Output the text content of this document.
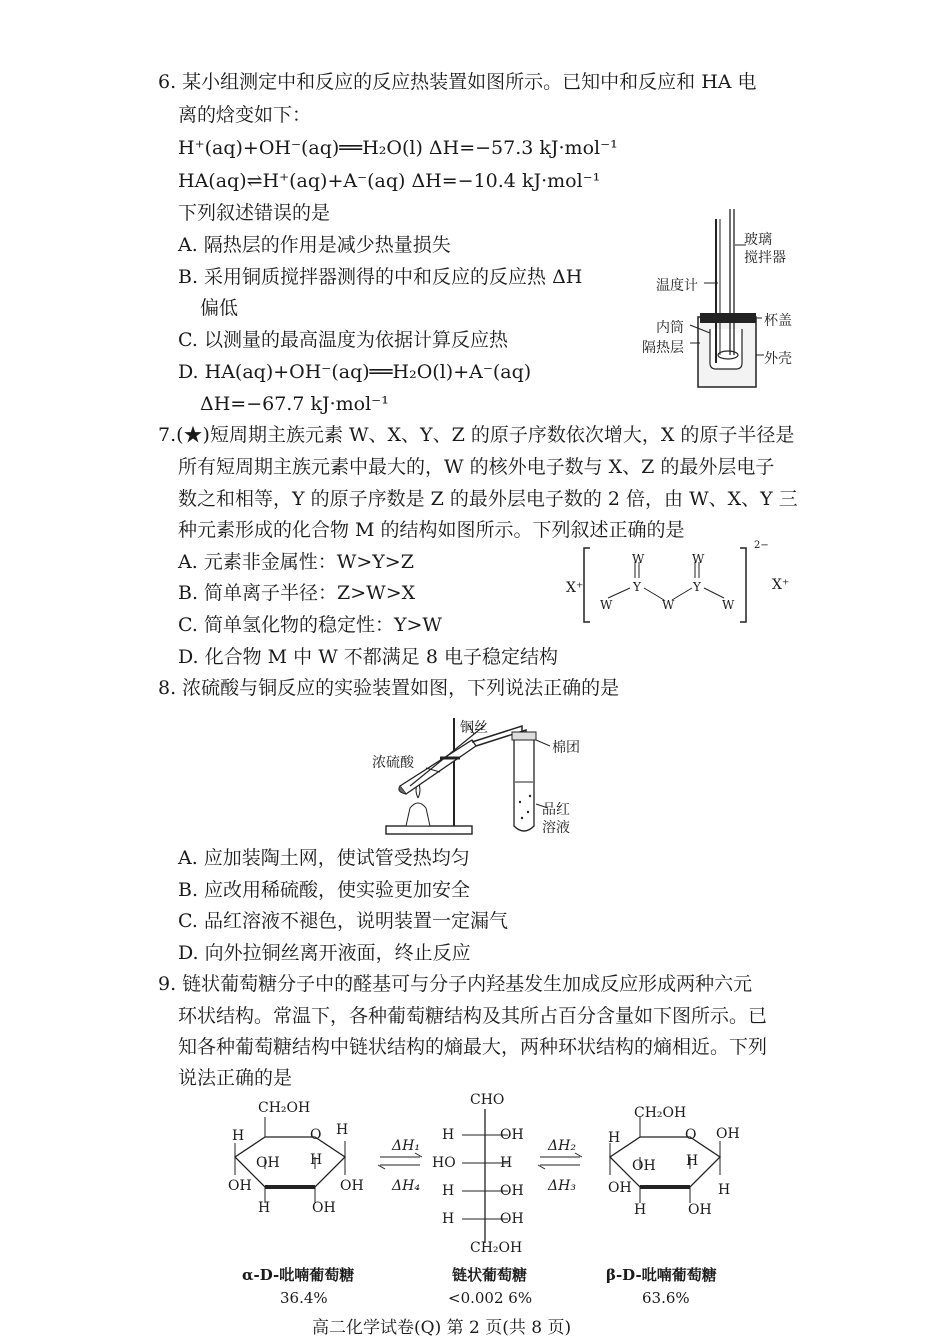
6. 某小组测定中和反应的反应热装置如图所示。已知中和反应和 HA 电
离的焓变如下：
H⁺(aq)+OH⁻(aq)══H₂O(l) ΔH=−57.3 kJ·mol⁻¹
HA(aq)⇌H⁺(aq)+A⁻(aq) ΔH=−10.4 kJ·mol⁻¹
下列叙述错误的是
A. 隔热层的作用是减少热量损失
B. 采用铜质搅拌器测得的中和反应的反应热 ΔH
偏低
C. 以测量的最高温度为依据计算反应热
D. HA(aq)+OH⁻(aq)══H₂O(l)+A⁻(aq)
ΔH=−67.7 kJ·mol⁻¹
玻璃
搅拌器
温度计
杯盖
内筒
隔热层
外壳
7.(★)短周期主族元素 W、X、Y、Z 的原子序数依次增大，X 的原子半径是
所有短周期主族元素中最大的，W 的核外电子数与 X、Z 的最外层电子
数之和相等，Y 的原子序数是 Z 的最外层电子数的 2 倍，由 W、X、Y 三
种元素形成的化合物 M 的结构如图所示。下列叙述正确的是
A. 元素非金属性：W>Y>Z
B. 简单离子半径：Z>W>X
C. 简单氢化物的稳定性：Y>W
D. 化合物 M 中 W 不都满足 8 电子稳定结构
X⁺	X⁺
2−
W	W
Y	Y
W	W	W
8. 浓硫酸与铜反应的实验装置如图，下列说法正确的是
铜丝
浓硫酸
棉团
品红
溶液
A. 应加装陶土网，使试管受热均匀
B. 应改用稀硫酸，使实验更加安全
C. 品红溶液不褪色，说明装置一定漏气
D. 向外拉铜丝离开液面，终止反应
9. 链状葡萄糖分子中的醛基可与分子内羟基发生加成反应形成两种六元
环状结构。常温下，各种葡萄糖结构及其所占百分含量如下图所示。已
知各种葡萄糖结构中链状结构的熵最大，两种环状结构的熵相近。下列
说法正确的是
CH₂OH
O
H	H
OH H
OH	OH
H	OH
ΔH₁
ΔH₄
ΔH₂
ΔH₃
CHO
H	OH
HO	H
H	OH
H	OH
CH₂OH
CH₂OH
O
H	OH
OH H
OH	H
H	OH
α-D-吡喃葡萄糖
36.4%
链状葡萄糖
<0.002 6%
β-D-吡喃葡萄糖
63.6%
高二化学试卷(Q) 第 2 页(共 8 页)
